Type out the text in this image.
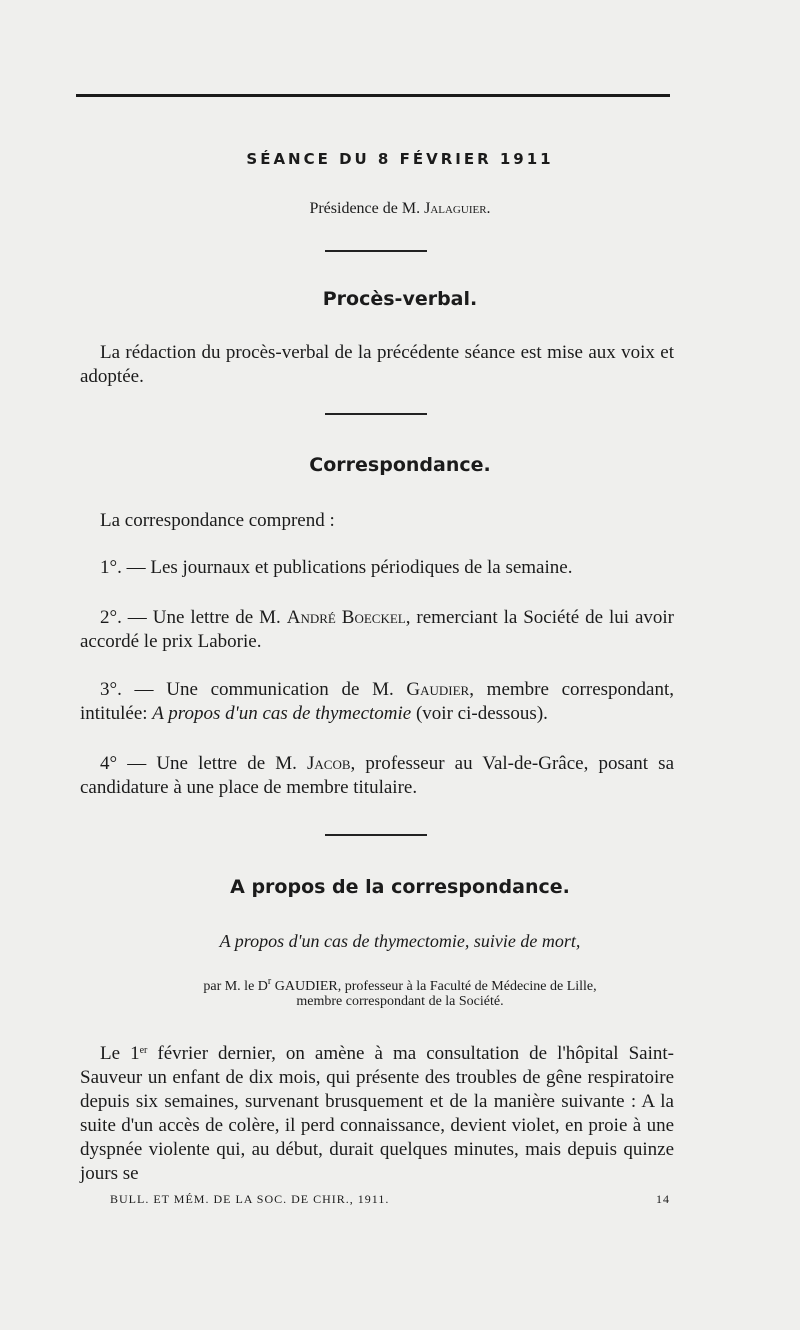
SÉANCE DU 8 FÉVRIER 1911
Présidence de M. Jalaguier.
Procès-verbal.
La rédaction du procès-verbal de la précédente séance est mise aux voix et adoptée.
Correspondance.
La correspondance comprend :
1°. — Les journaux et publications périodiques de la semaine.
2°. — Une lettre de M. André Boeckel, remerciant la Société de lui avoir accordé le prix Laborie.
3°. — Une communication de M. Gaudier, membre correspondant, intitulée: A propos d'un cas de thymectomie (voir ci-dessous).
4° — Une lettre de M. Jacob, professeur au Val-de-Grâce, posant sa candidature à une place de membre titulaire.
A propos de la correspondance.
A propos d'un cas de thymectomie, suivie de mort,
par M. le $D^r$ GAUDIER, professeur à la Faculté de Médecine de Lille,
membre correspondant de la Société.
Le 1er février dernier, on amène à ma consultation de l'hôpital Saint-Sauveur un enfant de dix mois, qui présente des troubles de gêne respiratoire depuis six semaines, survenant brusquement et de la manière suivante : A la suite d'un accès de colère, il perd connaissance, devient violet, en proie à une dyspnée violente qui, au début, durait quelques minutes, mais depuis quinze jours se
BULL. ET MÉM. DE LA SOC. DE CHIR., 1911.	14
